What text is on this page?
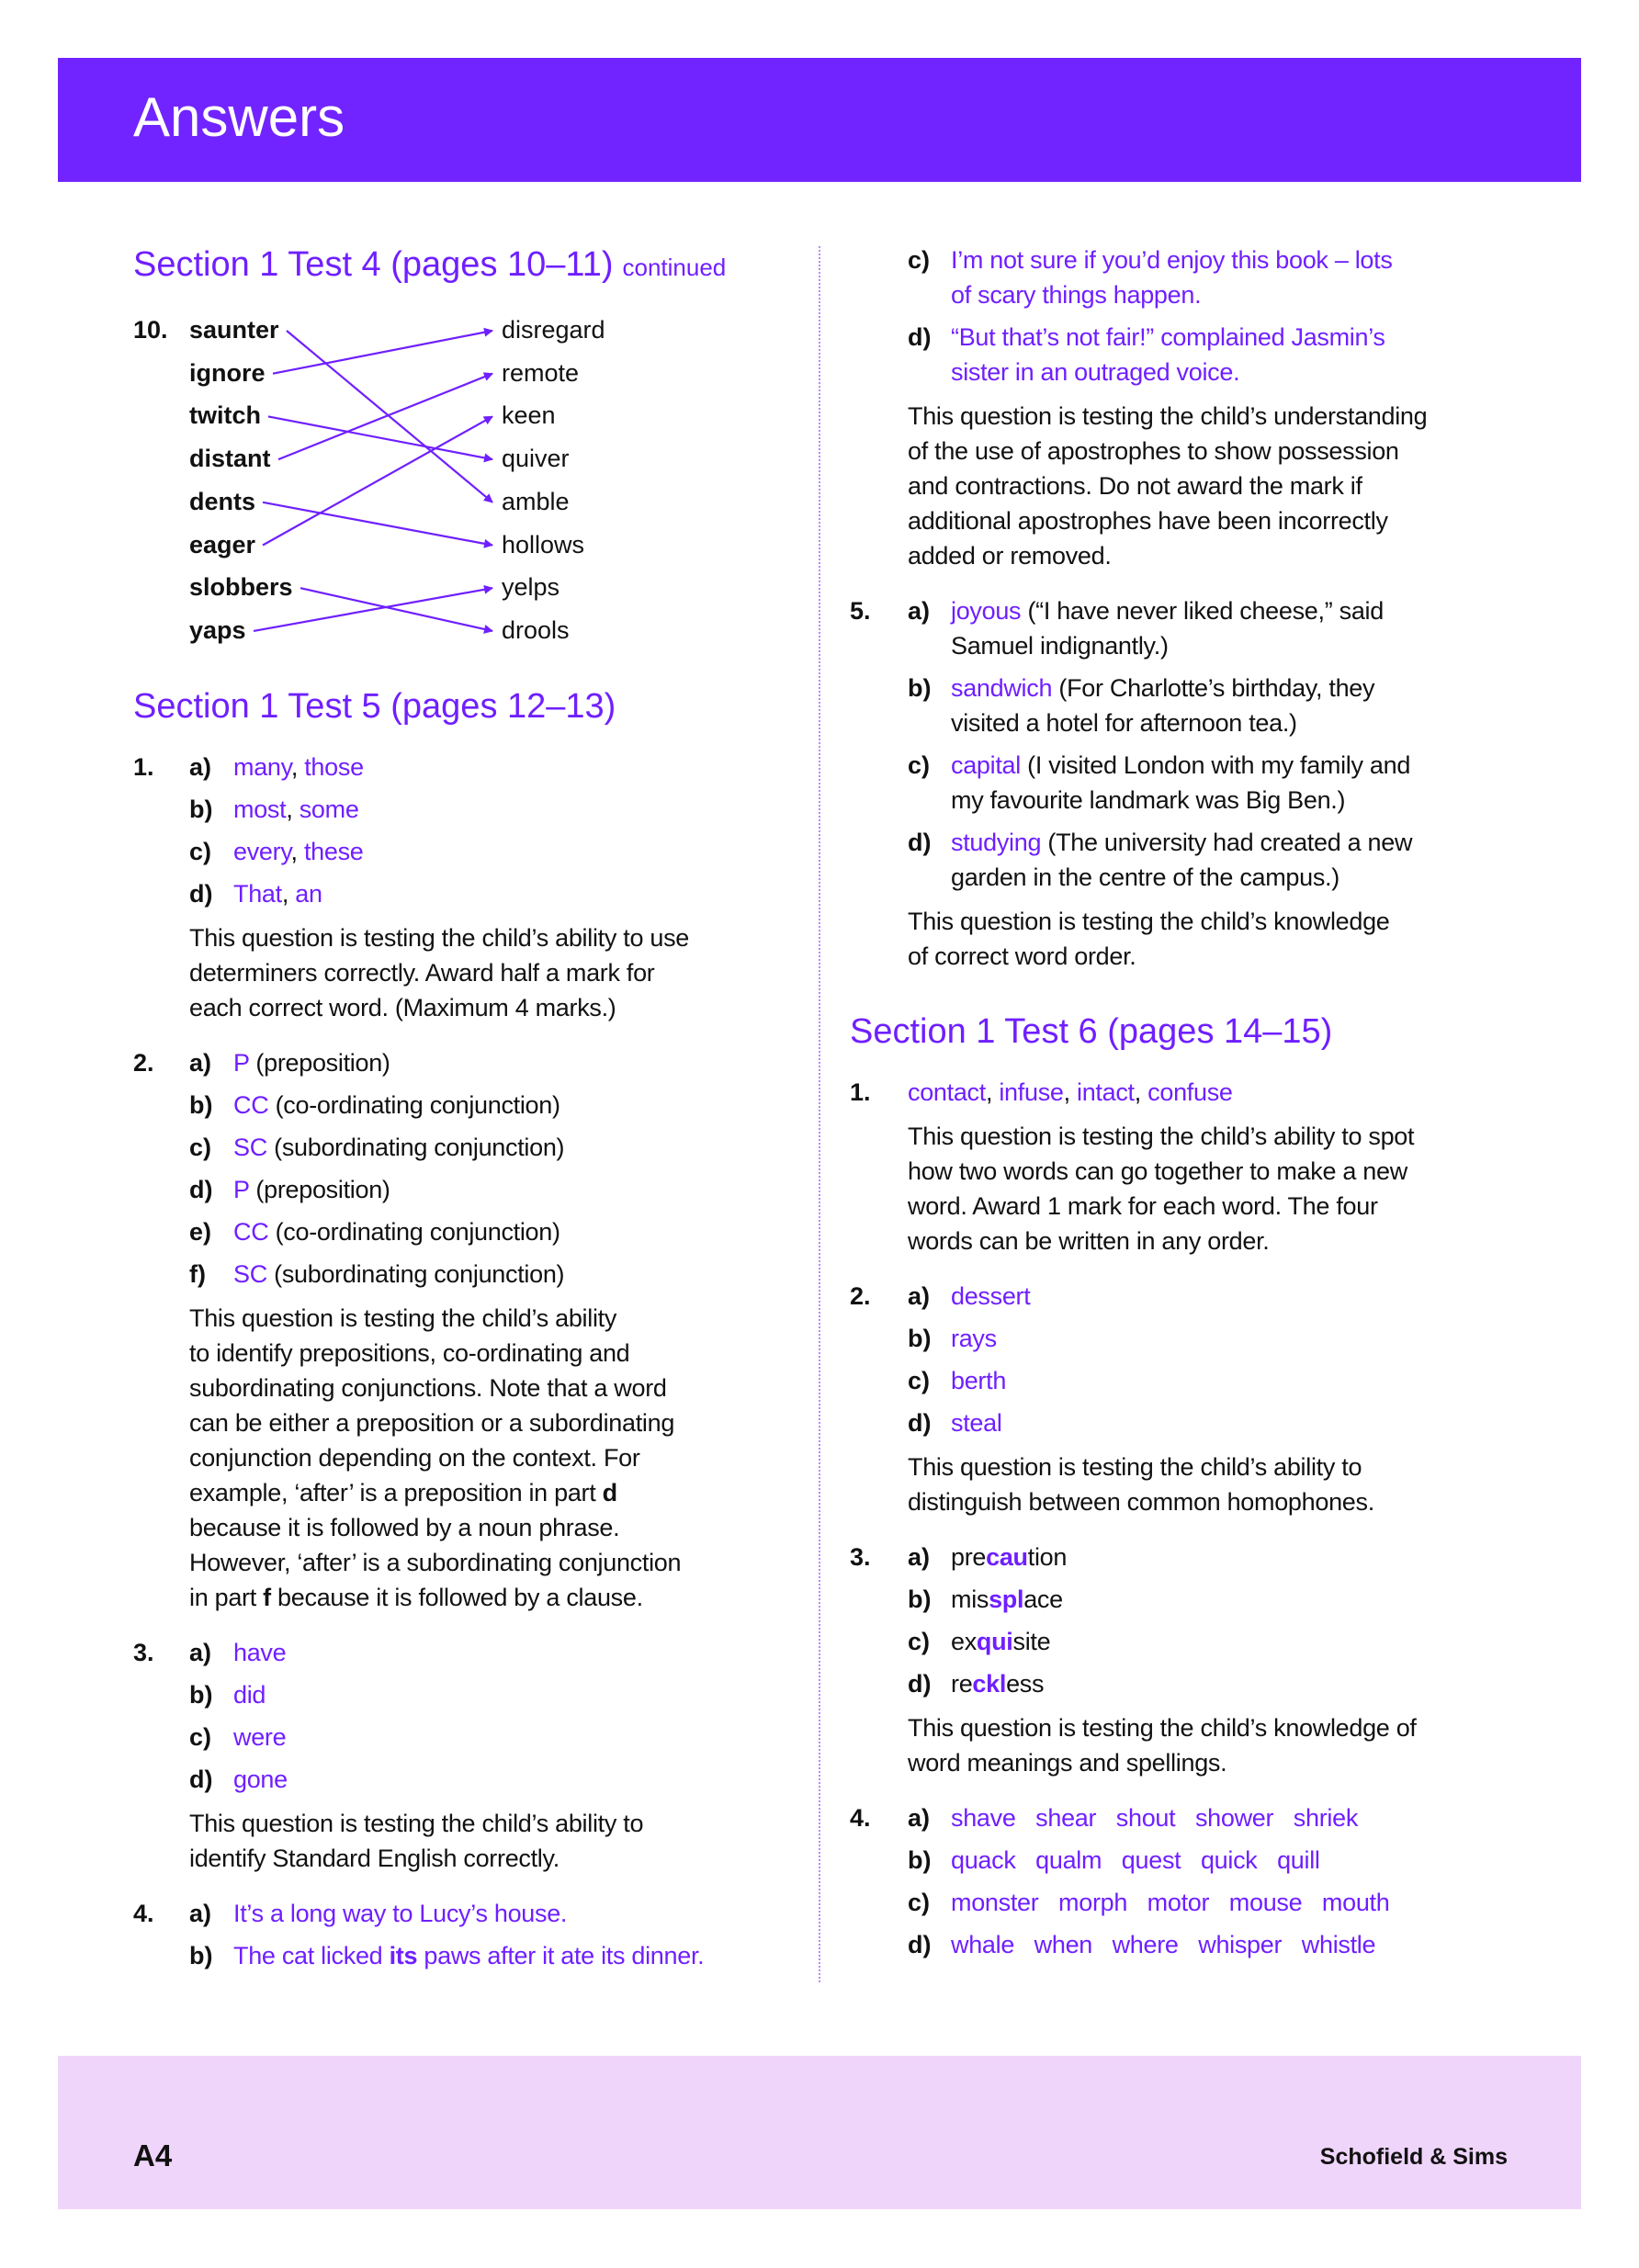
Answers
Section 1 Test 4 (pages 10–11) continued
10. saunter	disregard
ignore	remote
twitch	keen
distant	quiver
dents	amble
eager	hollows
slobbers	yelps
yaps	drools
Section 1 Test 5 (pages 12–13)
1. a) many, those
b) most, some
c) every, these
d) That, an
This question is testing the child’s ability to use
determiners correctly. Award half a mark for
each correct word. (Maximum 4 marks.)
2. a) P (preposition)
b) CC (co-ordinating conjunction)
c) SC (subordinating conjunction)
d) P (preposition)
e) CC (co-ordinating conjunction)
f) SC (subordinating conjunction)
This question is testing the child’s ability
to identify prepositions, co-ordinating and
subordinating conjunctions. Note that a word
can be either a preposition or a subordinating
conjunction depending on the context. For
example, ‘after’ is a preposition in part d
because it is followed by a noun phrase.
However, ‘after’ is a subordinating conjunction
in part f because it is followed by a clause.
3. a) have
b) did
c) were
d) gone
This question is testing the child’s ability to
identify Standard English correctly.
4. a) It’s a long way to Lucy’s house.
b) The cat licked its paws after it ate its dinner.
c) I’m not sure if you’d enjoy this book – lots
of scary things happen.
d) “But that’s not fair!” complained Jasmin’s
sister in an outraged voice.
This question is testing the child’s understanding
of the use of apostrophes to show possession
and contractions. Do not award the mark if
additional apostrophes have been incorrectly
added or removed.
5. a) joyous (“I have never liked cheese,” said
Samuel indignantly.)
b) sandwich (For Charlotte’s birthday, they
visited a hotel for afternoon tea.)
c) capital (I visited London with my family and
my favourite landmark was Big Ben.)
d) studying (The university had created a new
garden in the centre of the campus.)
This question is testing the child’s knowledge
of correct word order.
Section 1 Test 6 (pages 14–15)
1. contact, infuse, intact, confuse
This question is testing the child’s ability to spot
how two words can go together to make a new
word. Award 1 mark for each word. The four
words can be written in any order.
2. a) dessert
b) rays
c) berth
d) steal
This question is testing the child’s ability to
distinguish between common homophones.
3. a) precaution
b) missplace
c) exquisite
d) reckless
This question is testing the child’s knowledge of
word meanings and spellings.
4. a) shave   shear   shout   shower   shriek
b) quack   qualm   quest   quick   quill
c) monster   morph   motor   mouse   mouth
d) whale   when   where   whisper   whistle
A4	Schofield & Sims
